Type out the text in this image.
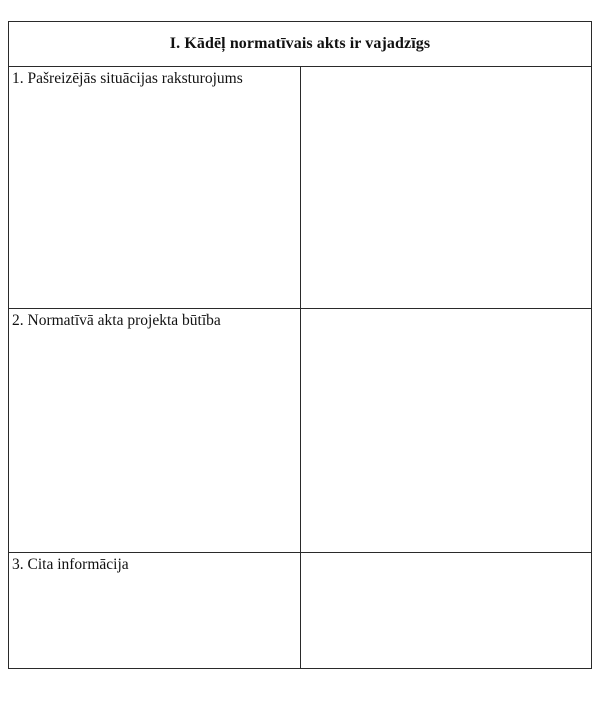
I. Kādēļ normatīvais akts ir vajadzīgs	
1. Pašreizējās situācijas raksturojums	
2. Normatīvā akta projekta būtība	
3. Cita informācija	
